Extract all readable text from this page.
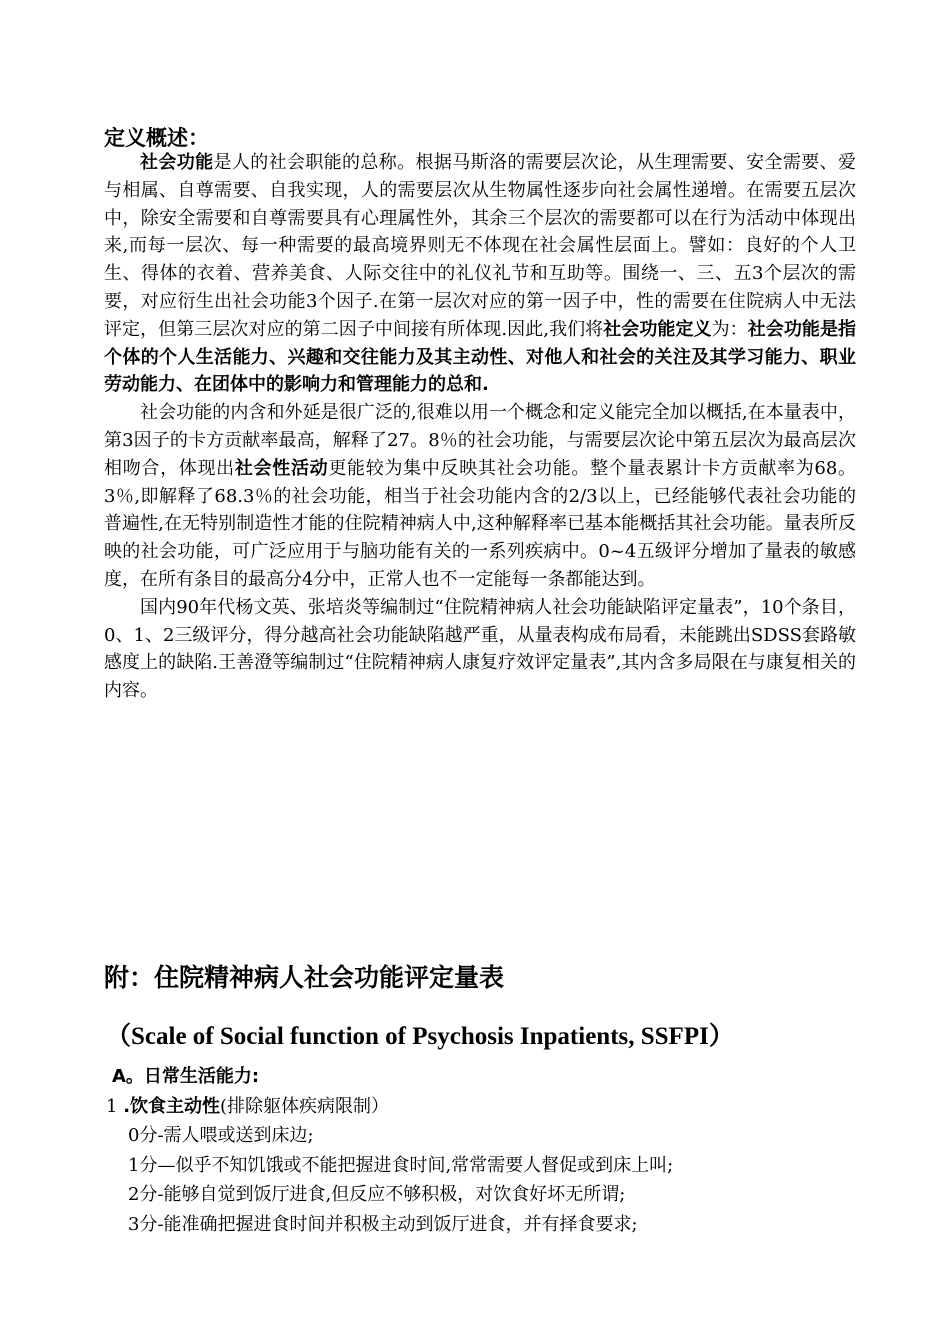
定义概述：

社会功能是人的社会职能的总称。根据马斯洛的需要层次论，从生理需要、安全需要、爱与相属、自尊需要、自我实现，人的需要层次从生物属性逐步向社会属性递增。在需要五层次中，除安全需要和自尊需要具有心理属性外，其余三个层次的需要都可以在行为活动中体现出来,而每一层次、每一种需要的最高境界则无不体现在社会属性层面上。譬如：良好的个人卫生、得体的衣着、营养美食、人际交往中的礼仪礼节和互助等。围绕一、三、五3个层次的需要，对应衍生出社会功能3个因子.在第一层次对应的第一因子中，性的需要在住院病人中无法评定，但第三层次对应的第二因子中间接有所体现.因此,我们将社会功能定义为：社会功能是指个体的个人生活能力、兴趣和交往能力及其主动性、对他人和社会的关注及其学习能力、职业劳动能力、在团体中的影响力和管理能力的总和.

社会功能的内含和外延是很广泛的,很难以用一个概念和定义能完全加以概括,在本量表中，第3因子的卡方贡献率最高，解释了27。8％的社会功能，与需要层次论中第五层次为最高层次相吻合，体现出社会性活动更能较为集中反映其社会功能。整个量表累计卡方贡献率为68。3％,即解释了68.3％的社会功能，相当于社会功能内含的2/3以上，已经能够代表社会功能的普遍性,在无特别制造性才能的住院精神病人中,这种解释率已基本能概括其社会功能。量表所反映的社会功能，可广泛应用于与脑功能有关的一系列疾病中。0~4五级评分增加了量表的敏感度，在所有条目的最高分4分中，正常人也不一定能每一条都能达到。

国内90年代杨文英、张培炎等编制过“住院精神病人社会功能缺陷评定量表”，10个条目，0、1、2三级评分，得分越高社会功能缺陷越严重，从量表构成布局看，未能跳出SDSS套路敏感度上的缺陷.王善澄等编制过“住院精神病人康复疗效评定量表”,其内含多局限在与康复相关的内容。

附：住院精神病人社会功能评定量表
（Scale of Social function of Psychosis Inpatients, SSFPI）
A。日常生活能力:
1 .饮食主动性(排除躯体疾病限制）
0分-需人喂或送到床边;
1分—似乎不知饥饿或不能把握进食时间,常常需要人督促或到床上叫;
2分-能够自觉到饭厅进食,但反应不够积极，对饮食好坏无所谓;
3分-能准确把握进食时间并积极主动到饭厅进食，并有择食要求;
